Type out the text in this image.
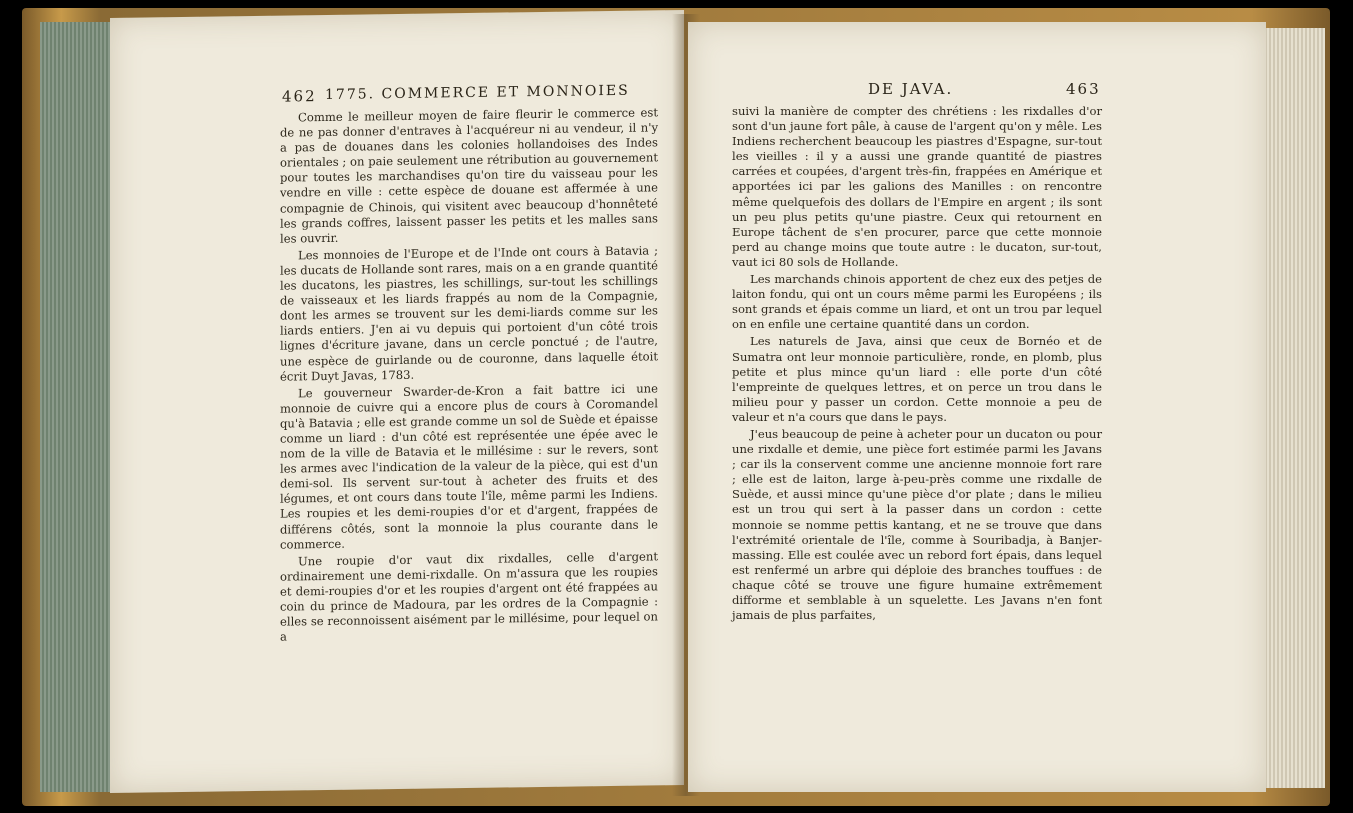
462 1775. COMMERCE ET MONNOIES

Comme le meilleur moyen de faire fleurir le commerce est de ne pas donner d'entraves à l'acquéreur ni au vendeur, il n'y a pas de douanes dans les colonies hollandoises des Indes orientales ; on paie seulement une rétribution au gouvernement pour toutes les marchandises qu'on tire du vaisseau pour les vendre en ville : cette espèce de douane est affermée à une compagnie de Chinois, qui visitent avec beaucoup d'honnêteté les grands coffres, laissent passer les petits et les malles sans les ouvrir.

Les monnoies de l'Europe et de l'Inde ont cours à Batavia ; les ducats de Hollande sont rares, mais on a en grande quantité les ducatons, les piastres, les schillings, sur-tout les schillings de vaisseaux et les liards frappés au nom de la Compagnie, dont les armes se trouvent sur les demi-liards comme sur les liards entiers. J'en ai vu depuis qui portoient d'un côté trois lignes d'écriture javane, dans un cercle ponctué ; de l'autre, une espèce de guirlande ou de couronne, dans laquelle étoit écrit Duyt Javas, 1783.

Le gouverneur Swarder-de-Kron a fait battre ici une monnoie de cuivre qui a encore plus de cours à Coromandel qu'à Batavia ; elle est grande comme un sol de Suède et épaisse comme un liard : d'un côté est représentée une épée avec le nom de la ville de Batavia et le millésime : sur le revers, sont les armes avec l'indication de la valeur de la pièce, qui est d'un demi-sol. Ils servent sur-tout à acheter des fruits et des légumes, et ont cours dans toute l'île, même parmi les Indiens. Les roupies et les demi-roupies d'or et d'argent, frappées de différens côtés, sont la monnoie la plus courante dans le commerce.

Une roupie d'or vaut dix rixdalles, celle d'argent ordinairement une demi-rixdalle. On m'assura que les roupies et demi-roupies d'or et les roupies d'argent ont été frappées au coin du prince de Madoura, par les ordres de la Compagnie : elles se reconnoissent aisément par le millésime, pour lequel on a

DE JAVA.	463

suivi la manière de compter des chrétiens : les rixdalles d'or sont d'un jaune fort pâle, à cause de l'argent qu'on y mêle. Les Indiens recherchent beaucoup les piastres d'Espagne, sur-tout les vieilles : il y a aussi une grande quantité de piastres carrées et coupées, d'argent très-fin, frappées en Amérique et apportées ici par les galions des Manilles : on rencontre même quelquefois des dollars de l'Empire en argent ; ils sont un peu plus petits qu'une piastre. Ceux qui retournent en Europe tâchent de s'en procurer, parce que cette monnoie perd au change moins que toute autre : le ducaton, sur-tout, vaut ici 80 sols de Hollande.

Les marchands chinois apportent de chez eux des petjes de laiton fondu, qui ont un cours même parmi les Européens ; ils sont grands et épais comme un liard, et ont un trou par lequel on en enfile une certaine quantité dans un cordon.

Les naturels de Java, ainsi que ceux de Bornéo et de Sumatra ont leur monnoie particulière, ronde, en plomb, plus petite et plus mince qu'un liard : elle porte d'un côté l'empreinte de quelques lettres, et on perce un trou dans le milieu pour y passer un cordon. Cette monnoie a peu de valeur et n'a cours que dans le pays.

J'eus beaucoup de peine à acheter pour un ducaton ou pour une rixdalle et demie, une pièce fort estimée parmi les Javans ; car ils la conservent comme une ancienne monnoie fort rare ; elle est de laiton, large à-peu-près comme une rixdalle de Suède, et aussi mince qu'une pièce d'or plate ; dans le milieu est un trou qui sert à la passer dans un cordon : cette monnoie se nomme pettis kantang, et ne se trouve que dans l'extrémité orientale de l'île, comme à Souribadja, à Banjer-massing. Elle est coulée avec un rebord fort épais, dans lequel est renfermé un arbre qui déploie des branches touffues : de chaque côté se trouve une figure humaine extrêmement difforme et semblable à un squelette. Les Javans n'en font jamais de plus parfaites,
